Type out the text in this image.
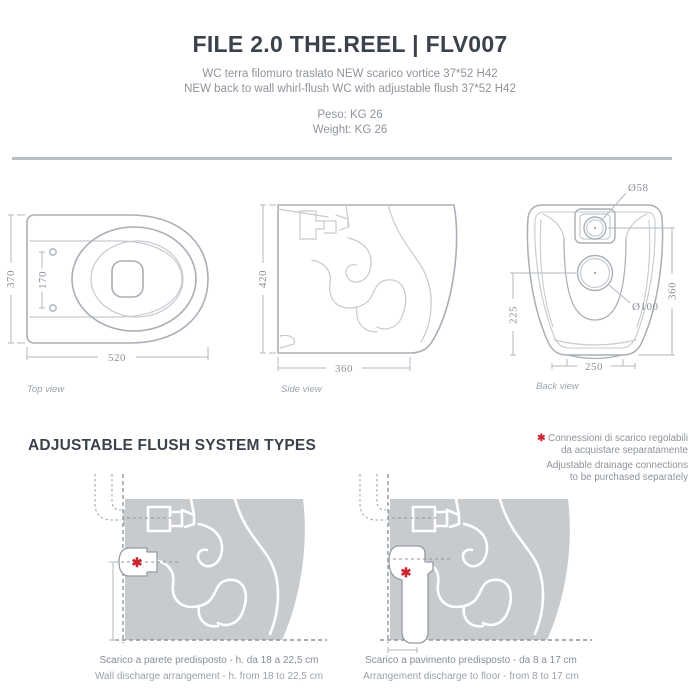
FILE 2.0 THE.REEL | FLV007
WC terra filomuro traslato NEW scarico vortice 37*52 H42
NEW back to wall whirl-flush WC with adjustable flush 37*52 H42
Peso: KG 26
Weight: KG 26
170
370
520
Top view
420
360
Side view
Ø58
Ø100
360
225
250
Back view
ADJUSTABLE FLUSH SYSTEM TYPES	✱ Connessioni di scarico regolabili
da acquistare separatamente
Adjustable drainage connections
to be purchased separately
✱
Scarico a parete predisposto - h. da 18 a 22,5 cm
Wall discharge arrangement - h. from 18 to 22,5 cm
✱
Scarico a pavimento predisposto - da 8 a 17 cm
Arrangement discharge to floor - from 8 to 17 cm
